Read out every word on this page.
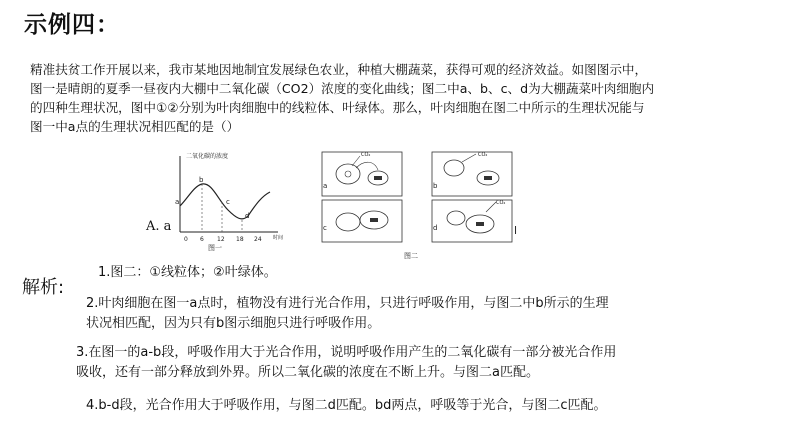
示例四：
精准扶贫工作开展以来，我市某地因地制宜发展绿色农业，种植大棚蔬菜，获得可观的经济效益。如图图示中，
图一是晴朗的夏季一昼夜内大棚中二氧化碳（CO2）浓度的变化曲线；图二中a、b、c、d为大棚蔬菜叶肉细胞内
的四种生理状况，图中①②分别为叶肉细胞中的线粒体、叶绿体。那么，叶肉细胞在图二中所示的生理状况能与
图一中a点的生理状况相匹配的是（）
二氧化碳的浓度
时间
a
b
c
d
0 6 12 18 24
图一
CO₂
a
CO₂
b
c
CO₂
d	l
图二
A. a
解析:
1.图二：①线粒体；②叶绿体。
2.叶肉细胞在图一a点时，植物没有进行光合作用，只进行呼吸作用，与图二中b所示的生理
状况相匹配，因为只有b图示细胞只进行呼吸作用。
3.在图一的a-b段，呼吸作用大于光合作用，说明呼吸作用产生的二氧化碳有一部分被光合作用
吸收，还有一部分释放到外界。所以二氧化碳的浓度在不断上升。与图二a匹配。
4.b-d段，光合作用大于呼吸作用，与图二d匹配。bd两点，呼吸等于光合，与图二c匹配。
